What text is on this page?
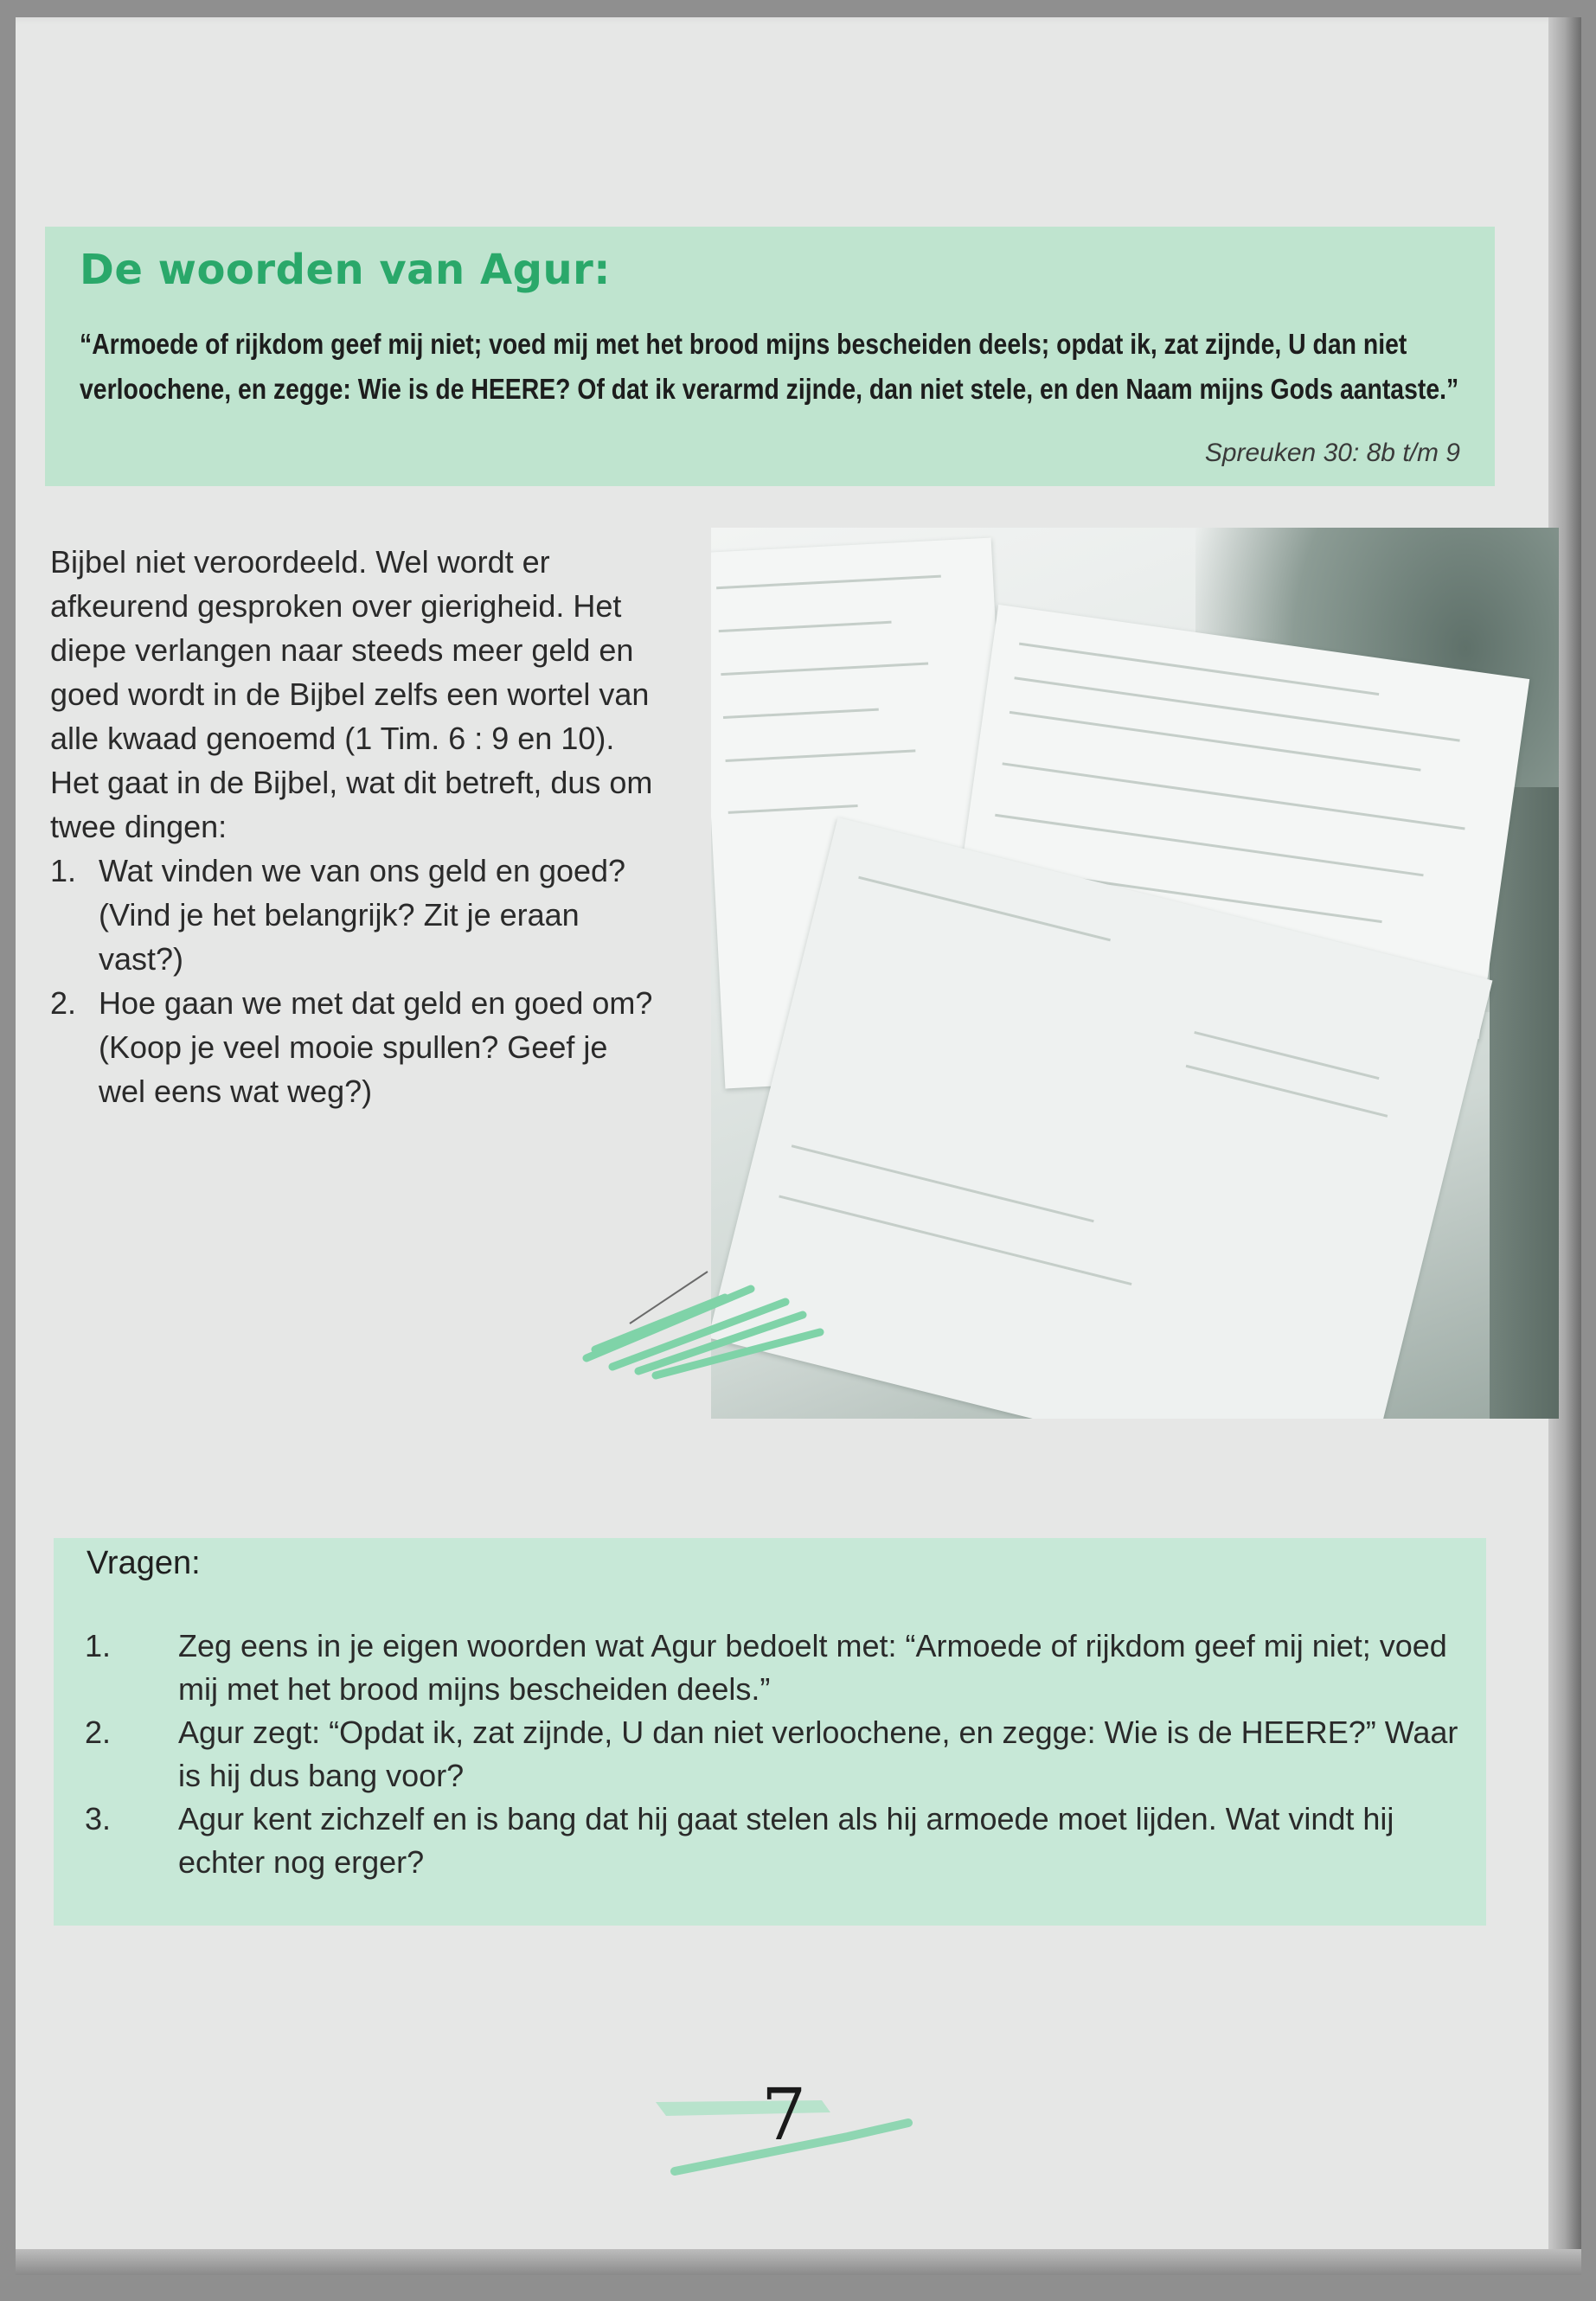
De woorden van Agur:

“Armoede of rijkdom geef mij niet; voed mij met het brood mijns bescheiden deels; opdat ik, zat zijnde, U dan niet verloochene, en zegge: Wie is de HEERE? Of dat ik verarmd zijnde, dan niet stele, en den Naam mijns Gods aantaste.”

Spreuken 30: 8b t/m 9

Bijbel niet veroordeeld. Wel wordt er afkeurend gesproken over gierigheid. Het diepe verlangen naar steeds meer geld en goed wordt in de Bijbel zelfs een wortel van alle kwaad genoemd (1 Tim. 6 : 9 en 10).

Het gaat in de Bijbel, wat dit betreft, dus om twee dingen:

1. Wat vinden we van ons geld en goed? (Vind je het belangrijk? Zit je eraan vast?)
2. Hoe gaan we met dat geld en goed om? (Koop je veel mooie spullen? Geef je wel eens wat weg?)
Vragen:
1. Zeg eens in je eigen woorden wat Agur bedoelt met: “Armoede of rijkdom geef mij niet; voed mij met het brood mijns bescheiden deels.”
2. Agur zegt: “Opdat ik, zat zijnde, U dan niet verloochene, en zegge: Wie is de HEERE?” Waar is hij dus bang voor?
3. Agur kent zichzelf en is bang dat hij gaat stelen als hij armoede moet lijden. Wat vindt hij echter nog erger?
7
